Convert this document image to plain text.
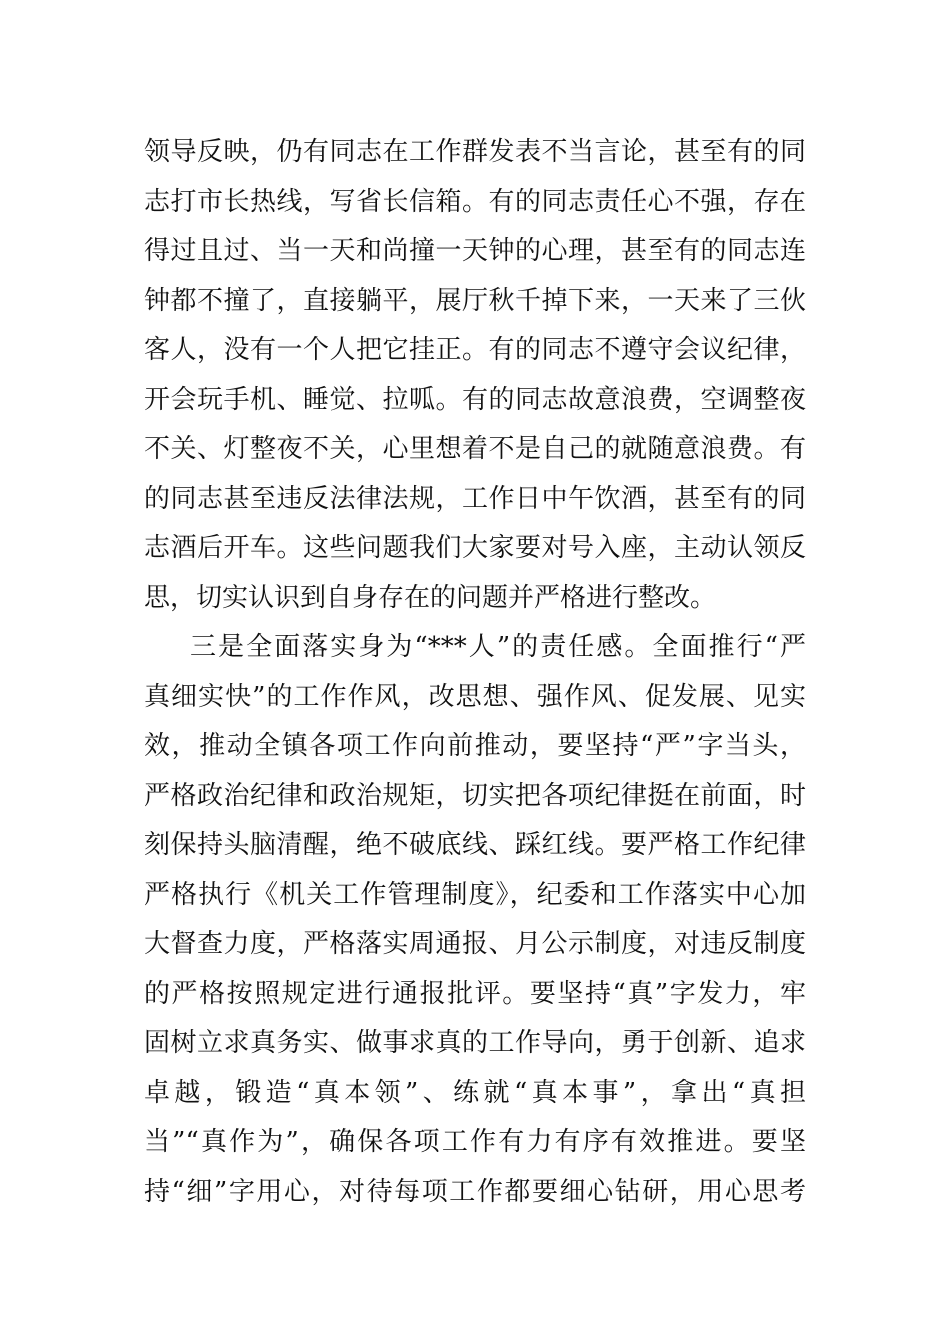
领导反映，仍有同志在工作群发表不当言论，甚至有的同
志打市长热线，写省长信箱。有的同志责任心不强，存在
得过且过、当一天和尚撞一天钟的心理，甚至有的同志连
钟都不撞了，直接躺平，展厅秋千掉下来，一天来了三伙
客人，没有一个人把它挂正。有的同志不遵守会议纪律，
开会玩手机、睡觉、拉呱。有的同志故意浪费，空调整夜
不关、灯整夜不关，心里想着不是自己的就随意浪费。有
的同志甚至违反法律法规，工作日中午饮酒，甚至有的同
志酒后开车。这些问题我们大家要对号入座，主动认领反
思，切实认识到自身存在的问题并严格进行整改。
三是全面落实身为“***人”的责任感。全面推行“严
真细实快”的工作作风，改思想、强作风、促发展、见实
效，推动全镇各项工作向前推动，要坚持“严”字当头，
严格政治纪律和政治规矩，切实把各项纪律挺在前面，时
刻保持头脑清醒，绝不破底线、踩红线。要严格工作纪律
严格执行《机关工作管理制度》，纪委和工作落实中心加
大督查力度，严格落实周通报、月公示制度，对违反制度
的严格按照规定进行通报批评。要坚持“真”字发力，牢
固树立求真务实、做事求真的工作导向，勇于创新、追求
卓越，锻造“真本领”、练就“真本事”，拿出“真担
当”“真作为”，确保各项工作有力有序有效推进。要坚
持“细”字用心，对待每项工作都要细心钻研，用心思考
